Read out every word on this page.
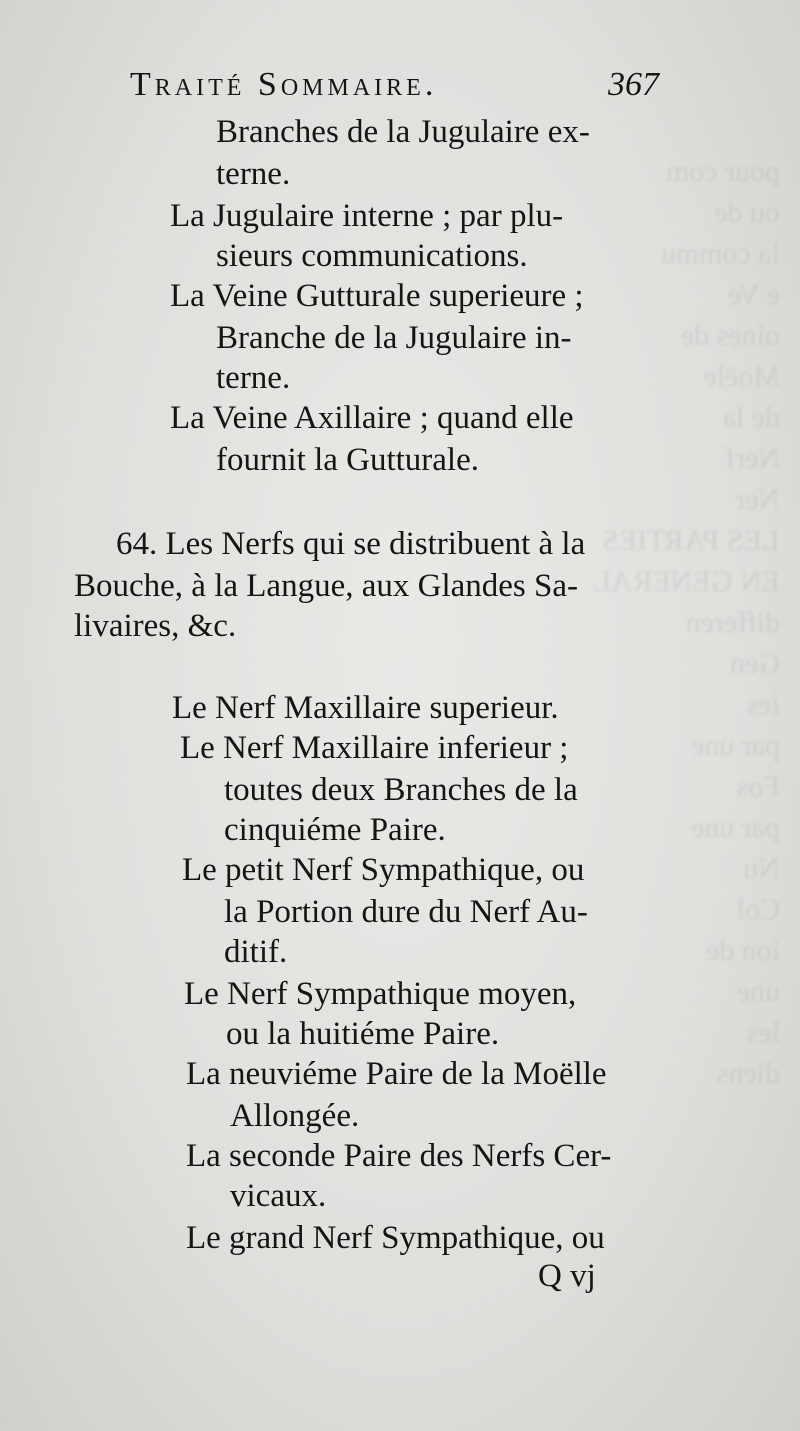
pour com
ou de
la commu
e Ve
oines de
Moële
de la
Nerf
Ner
LES PARTIES
EN GENERAL
differen
Gen
ies
par une
Fos
par une
Nu
Col
ion de
une
les
diens

Traité Sommaire.	367
Branches de la Jugulaire ex-
terne.
La Jugulaire interne ; par plu-
sieurs communications.
La Veine Gutturale superieure ;
Branche de la Jugulaire in-
terne.
La Veine Axillaire ; quand elle
fournit la Gutturale.
64. Les Nerfs qui se distribuent à la
Bouche, à la Langue, aux Glandes Sa-
livaires, &c.
Le Nerf Maxillaire superieur.
Le Nerf Maxillaire inferieur ;
toutes deux Branches de la
cinquiéme Paire.
Le petit Nerf Sympathique, ou
la Portion dure du Nerf Au-
ditif.
Le Nerf Sympathique moyen,
ou la huitiéme Paire.
La neuviéme Paire de la Moëlle
Allongée.
La seconde Paire des Nerfs Cer-
vicaux.
Le grand Nerf Sympathique, ou
Q vj
